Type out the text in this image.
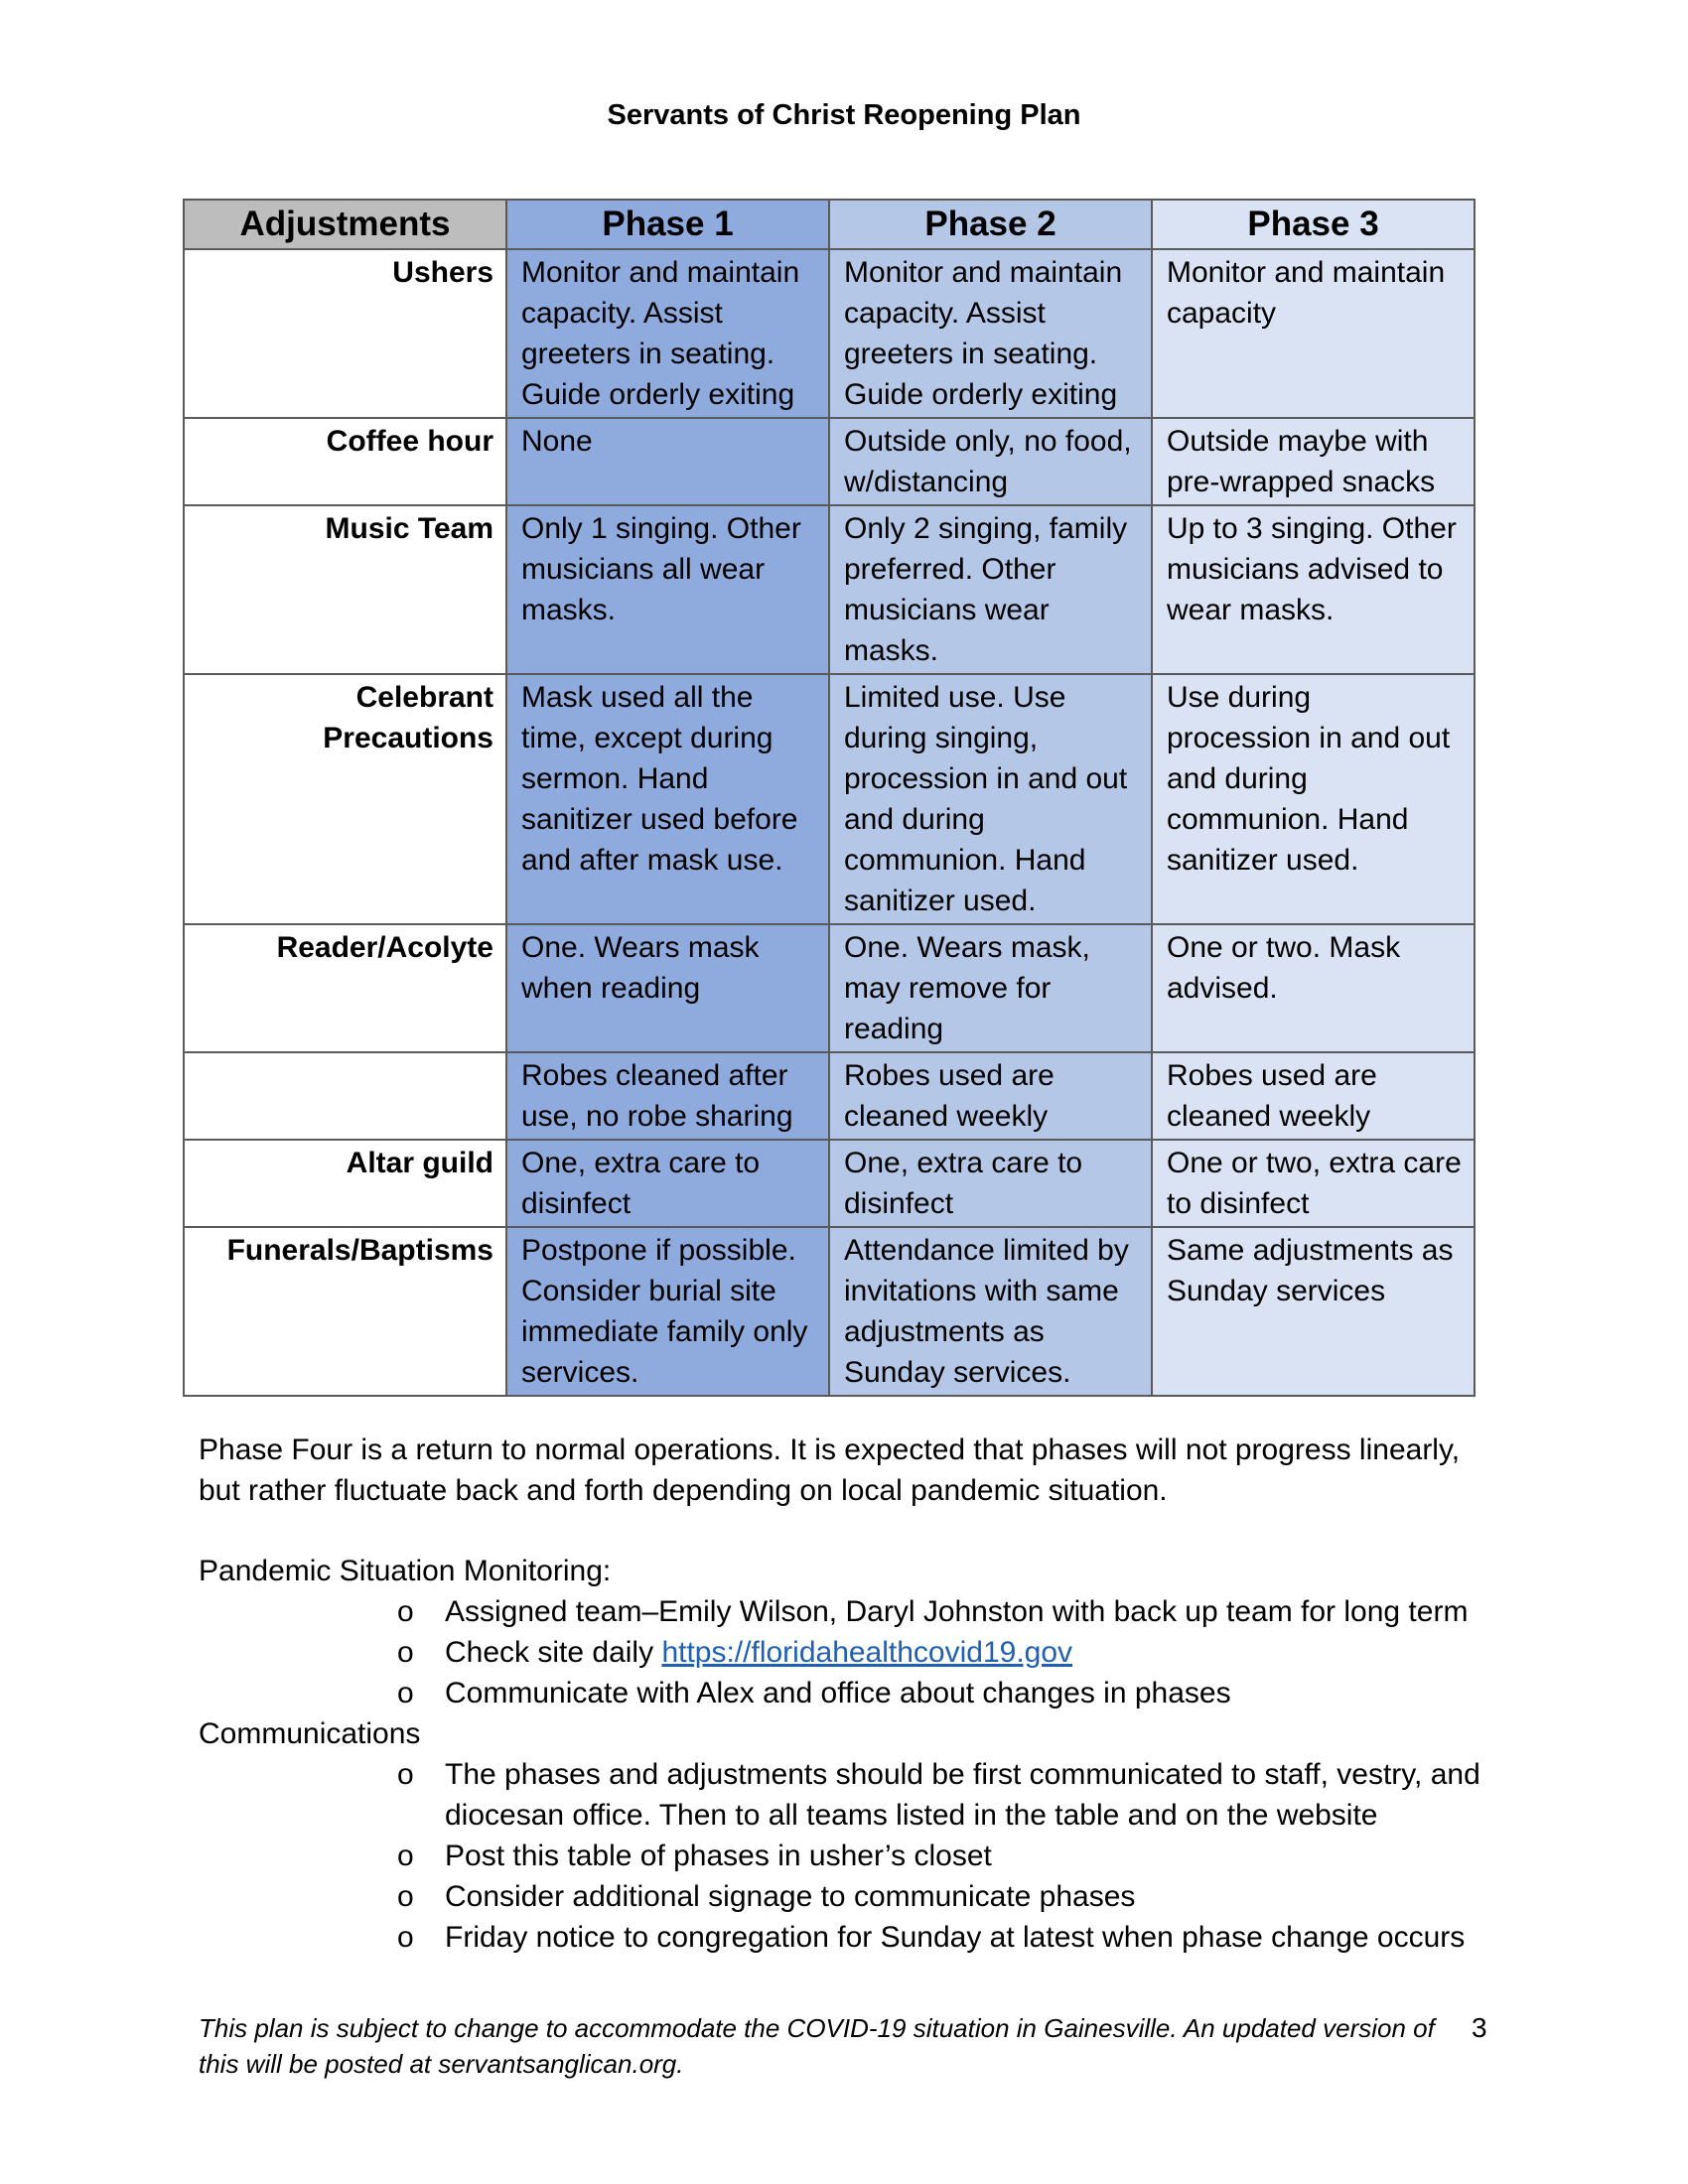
Servants of Christ Reopening Plan
Adjustments	Phase 1	Phase 2	Phase 3
Ushers	Monitor and maintain capacity. Assist greeters in seating. Guide orderly exiting	Monitor and maintain capacity. Assist greeters in seating. Guide orderly exiting	Monitor and maintain capacity
Coffee hour	None	Outside only, no food, w/distancing	Outside maybe with pre-wrapped snacks
Music Team	Only 1 singing. Other musicians all wear masks.	Only 2 singing, family preferred. Other musicians wear masks.	Up to 3 singing. Other musicians advised to wear masks.
Celebrant Precautions	Mask used all the time, except during sermon. Hand sanitizer used before and after mask use.	Limited use. Use during singing, procession in and out and during communion. Hand sanitizer used.	Use during procession in and out and during communion. Hand sanitizer used.
Reader/Acolyte	One. Wears mask when reading	One. Wears mask, may remove for reading	One or two. Mask advised.
	Robes cleaned after use, no robe sharing	Robes used are cleaned weekly	Robes used are cleaned weekly
Altar guild	One, extra care to disinfect	One, extra care to disinfect	One or two, extra care to disinfect
Funerals/Baptisms	Postpone if possible. Consider burial site immediate family only services.	Attendance limited by invitations with same adjustments as Sunday services.	Same adjustments as Sunday services

Phase Four is a return to normal operations. It is expected that phases will not progress linearly, but rather fluctuate back and forth depending on local pandemic situation.

Pandemic Situation Monitoring:

o Assigned team–Emily Wilson, Daryl Johnston with back up team for long term
o Check site daily https://floridahealthcovid19.gov
o Communicate with Alex and office about changes in phases

Communications

o The phases and adjustments should be first communicated to staff, vestry, and diocesan office. Then to all teams listed in the table and on the website
o Post this table of phases in usher’s closet
o Consider additional signage to communicate phases
o Friday notice to congregation for Sunday at latest when phase change occurs
This plan is subject to change to accommodate the COVID-19 situation in Gainesville. An updated version of this will be posted at servantsanglican.org.
3
